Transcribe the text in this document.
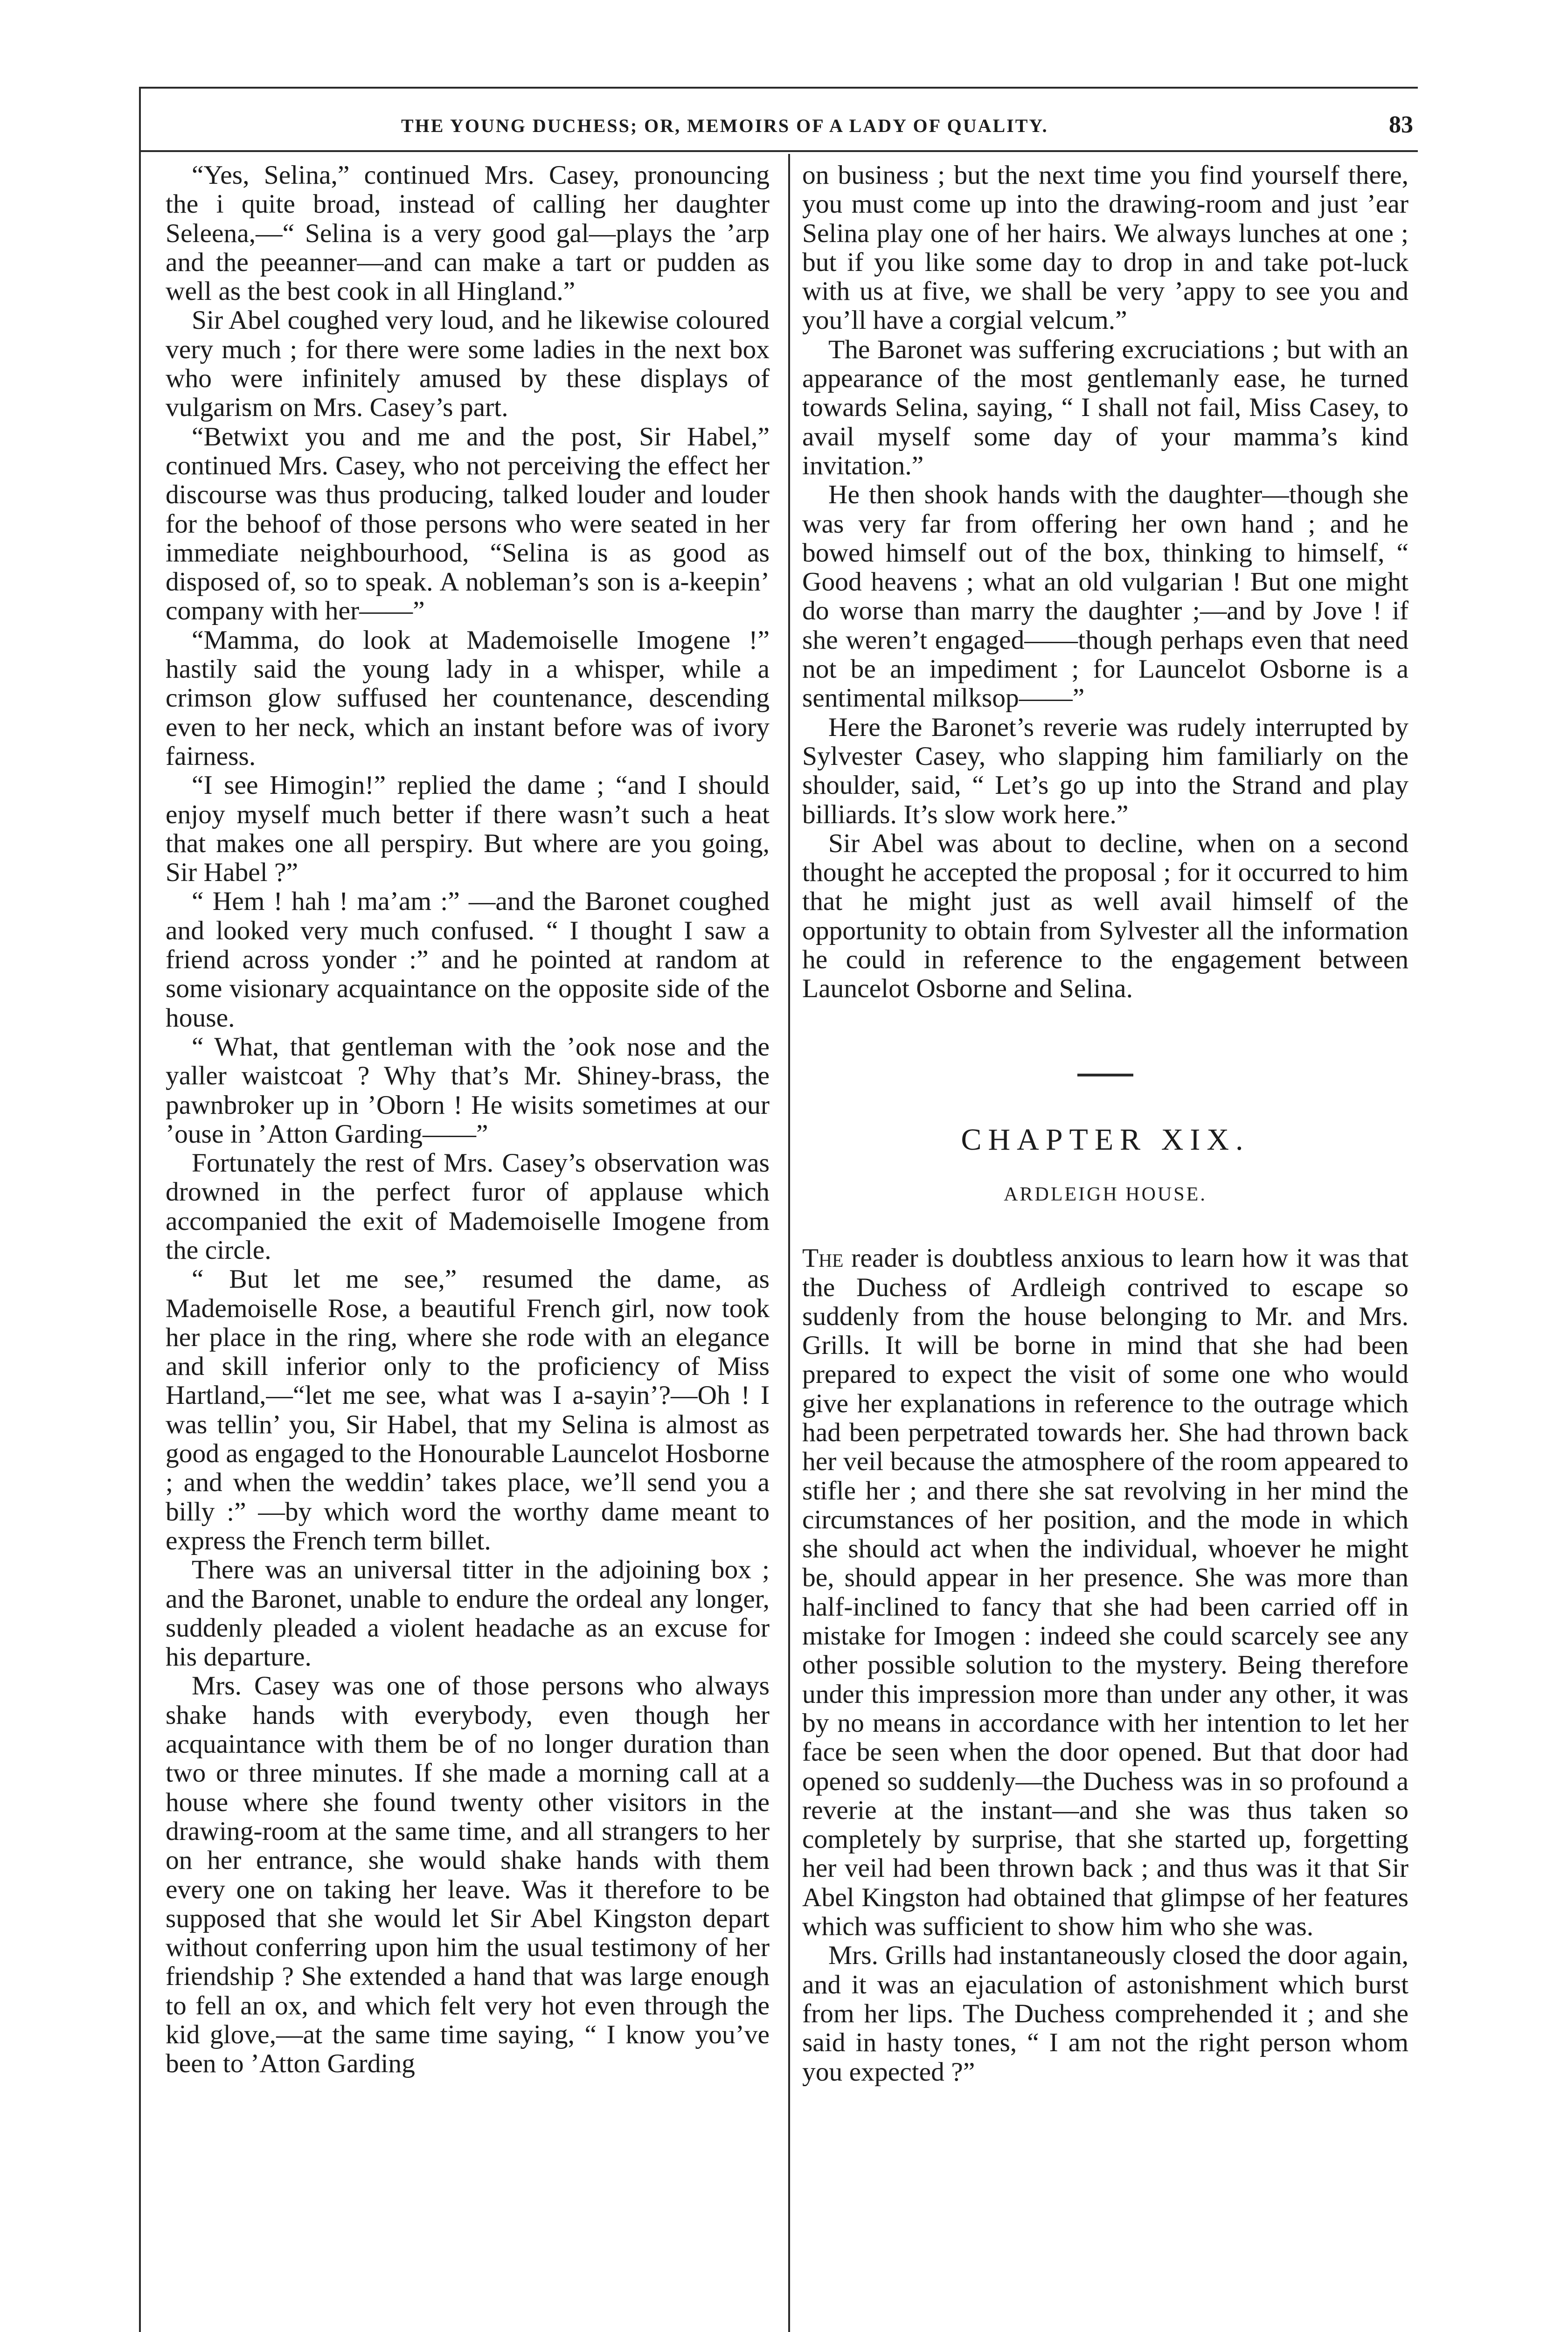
THE YOUNG DUCHESS; OR, MEMOIRS OF A LADY OF QUALITY.	83

“Yes, Selina,” continued Mrs. Casey, pronouncing the i quite broad, instead of calling her daughter Seleena,—“ Selina is a very good gal—plays the ’arp and the peeanner—and can make a tart or pudden as well as the best cook in all Hingland.”

Sir Abel coughed very loud, and he likewise coloured very much ; for there were some ladies in the next box who were infinitely amused by these displays of vulgarism on Mrs. Casey’s part.

“Betwixt you and me and the post, Sir Habel,” continued Mrs. Casey, who not perceiving the effect her discourse was thus producing, talked louder and louder for the behoof of those persons who were seated in her immediate neighbourhood, “Selina is as good as disposed of, so to speak. A nobleman’s son is a-keepin’ company with her——”

“Mamma, do look at Mademoiselle Imogene !” hastily said the young lady in a whisper, while a crimson glow suffused her countenance, descending even to her neck, which an instant before was of ivory fairness.

“I see Himogin!” replied the dame ; “and I should enjoy myself much better if there wasn’t such a heat that makes one all perspiry. But where are you going, Sir Habel ?”

“ Hem ! hah ! ma’am :” —and the Baronet coughed and looked very much confused. “ I thought I saw a friend across yonder :” and he pointed at random at some visionary acquaintance on the opposite side of the house.

“ What, that gentleman with the ’ook nose and the yaller waistcoat ? Why that’s Mr. Shiney-brass, the pawnbroker up in ’Oborn ! He wisits sometimes at our ’ouse in ’Atton Garding——”

Fortunately the rest of Mrs. Casey’s observation was drowned in the perfect furor of applause which accompanied the exit of Mademoiselle Imogene from the circle.

“ But let me see,” resumed the dame, as Mademoiselle Rose, a beautiful French girl, now took her place in the ring, where she rode with an elegance and skill inferior only to the proficiency of Miss Hartland,—“let me see, what was I a-sayin’?—Oh ! I was tellin’ you, Sir Habel, that my Selina is almost as good as engaged to the Honourable Launcelot Hosborne ; and when the weddin’ takes place, we’ll send you a billy :” —by which word the worthy dame meant to express the French term billet.

There was an universal titter in the adjoining box ; and the Baronet, unable to endure the ordeal any longer, suddenly pleaded a violent headache as an excuse for his departure.

Mrs. Casey was one of those persons who always shake hands with everybody, even though her acquaintance with them be of no longer duration than two or three minutes. If she made a morning call at a house where she found twenty other visitors in the drawing-room at the same time, and all strangers to her on her entrance, she would shake hands with them every one on taking her leave. Was it therefore to be supposed that she would let Sir Abel Kingston depart without conferring upon him the usual testimony of her friendship ? She extended a hand that was large enough to fell an ox, and which felt very hot even through the kid glove,—at the same time saying, “ I know you’ve been to ’Atton Garding

on business ; but the next time you find yourself there, you must come up into the drawing-room and just ’ear Selina play one of her hairs. We always lunches at one ; but if you like some day to drop in and take pot-luck with us at five, we shall be very ’appy to see you and you’ll have a corgial velcum.”

The Baronet was suffering excruciations ; but with an appearance of the most gentlemanly ease, he turned towards Selina, saying, “ I shall not fail, Miss Casey, to avail myself some day of your mamma’s kind invitation.”

He then shook hands with the daughter—though she was very far from offering her own hand ; and he bowed himself out of the box, thinking to himself, “ Good heavens ; what an old vulgarian ! But one might do worse than marry the daughter ;—and by Jove ! if she weren’t engaged——though perhaps even that need not be an impediment ; for Launcelot Osborne is a sentimental milksop——”

Here the Baronet’s reverie was rudely interrupted by Sylvester Casey, who slapping him familiarly on the shoulder, said, “ Let’s go up into the Strand and play billiards. It’s slow work here.”

Sir Abel was about to decline, when on a second thought he accepted the proposal ; for it occurred to him that he might just as well avail himself of the opportunity to obtain from Sylvester all the information he could in reference to the engagement between Launcelot Osborne and Selina.

CHAPTER XIX.
ARDLEIGH HOUSE.

The reader is doubtless anxious to learn how it was that the Duchess of Ardleigh contrived to escape so suddenly from the house belonging to Mr. and Mrs. Grills. It will be borne in mind that she had been prepared to expect the visit of some one who would give her explanations in reference to the outrage which had been perpetrated towards her. She had thrown back her veil because the atmosphere of the room appeared to stifle her ; and there she sat revolving in her mind the circumstances of her position, and the mode in which she should act when the individual, whoever he might be, should appear in her presence. She was more than half-inclined to fancy that she had been carried off in mistake for Imogen : indeed she could scarcely see any other possible solution to the mystery. Being therefore under this impression more than under any other, it was by no means in accordance with her intention to let her face be seen when the door opened. But that door had opened so suddenly—the Duchess was in so profound a reverie at the instant—and she was thus taken so completely by surprise, that she started up, forgetting her veil had been thrown back ; and thus was it that Sir Abel Kingston had obtained that glimpse of her features which was sufficient to show him who she was.

Mrs. Grills had instantaneously closed the door again, and it was an ejaculation of astonishment which burst from her lips. The Duchess comprehended it ; and she said in hasty tones, “ I am not the right person whom you expected ?”
